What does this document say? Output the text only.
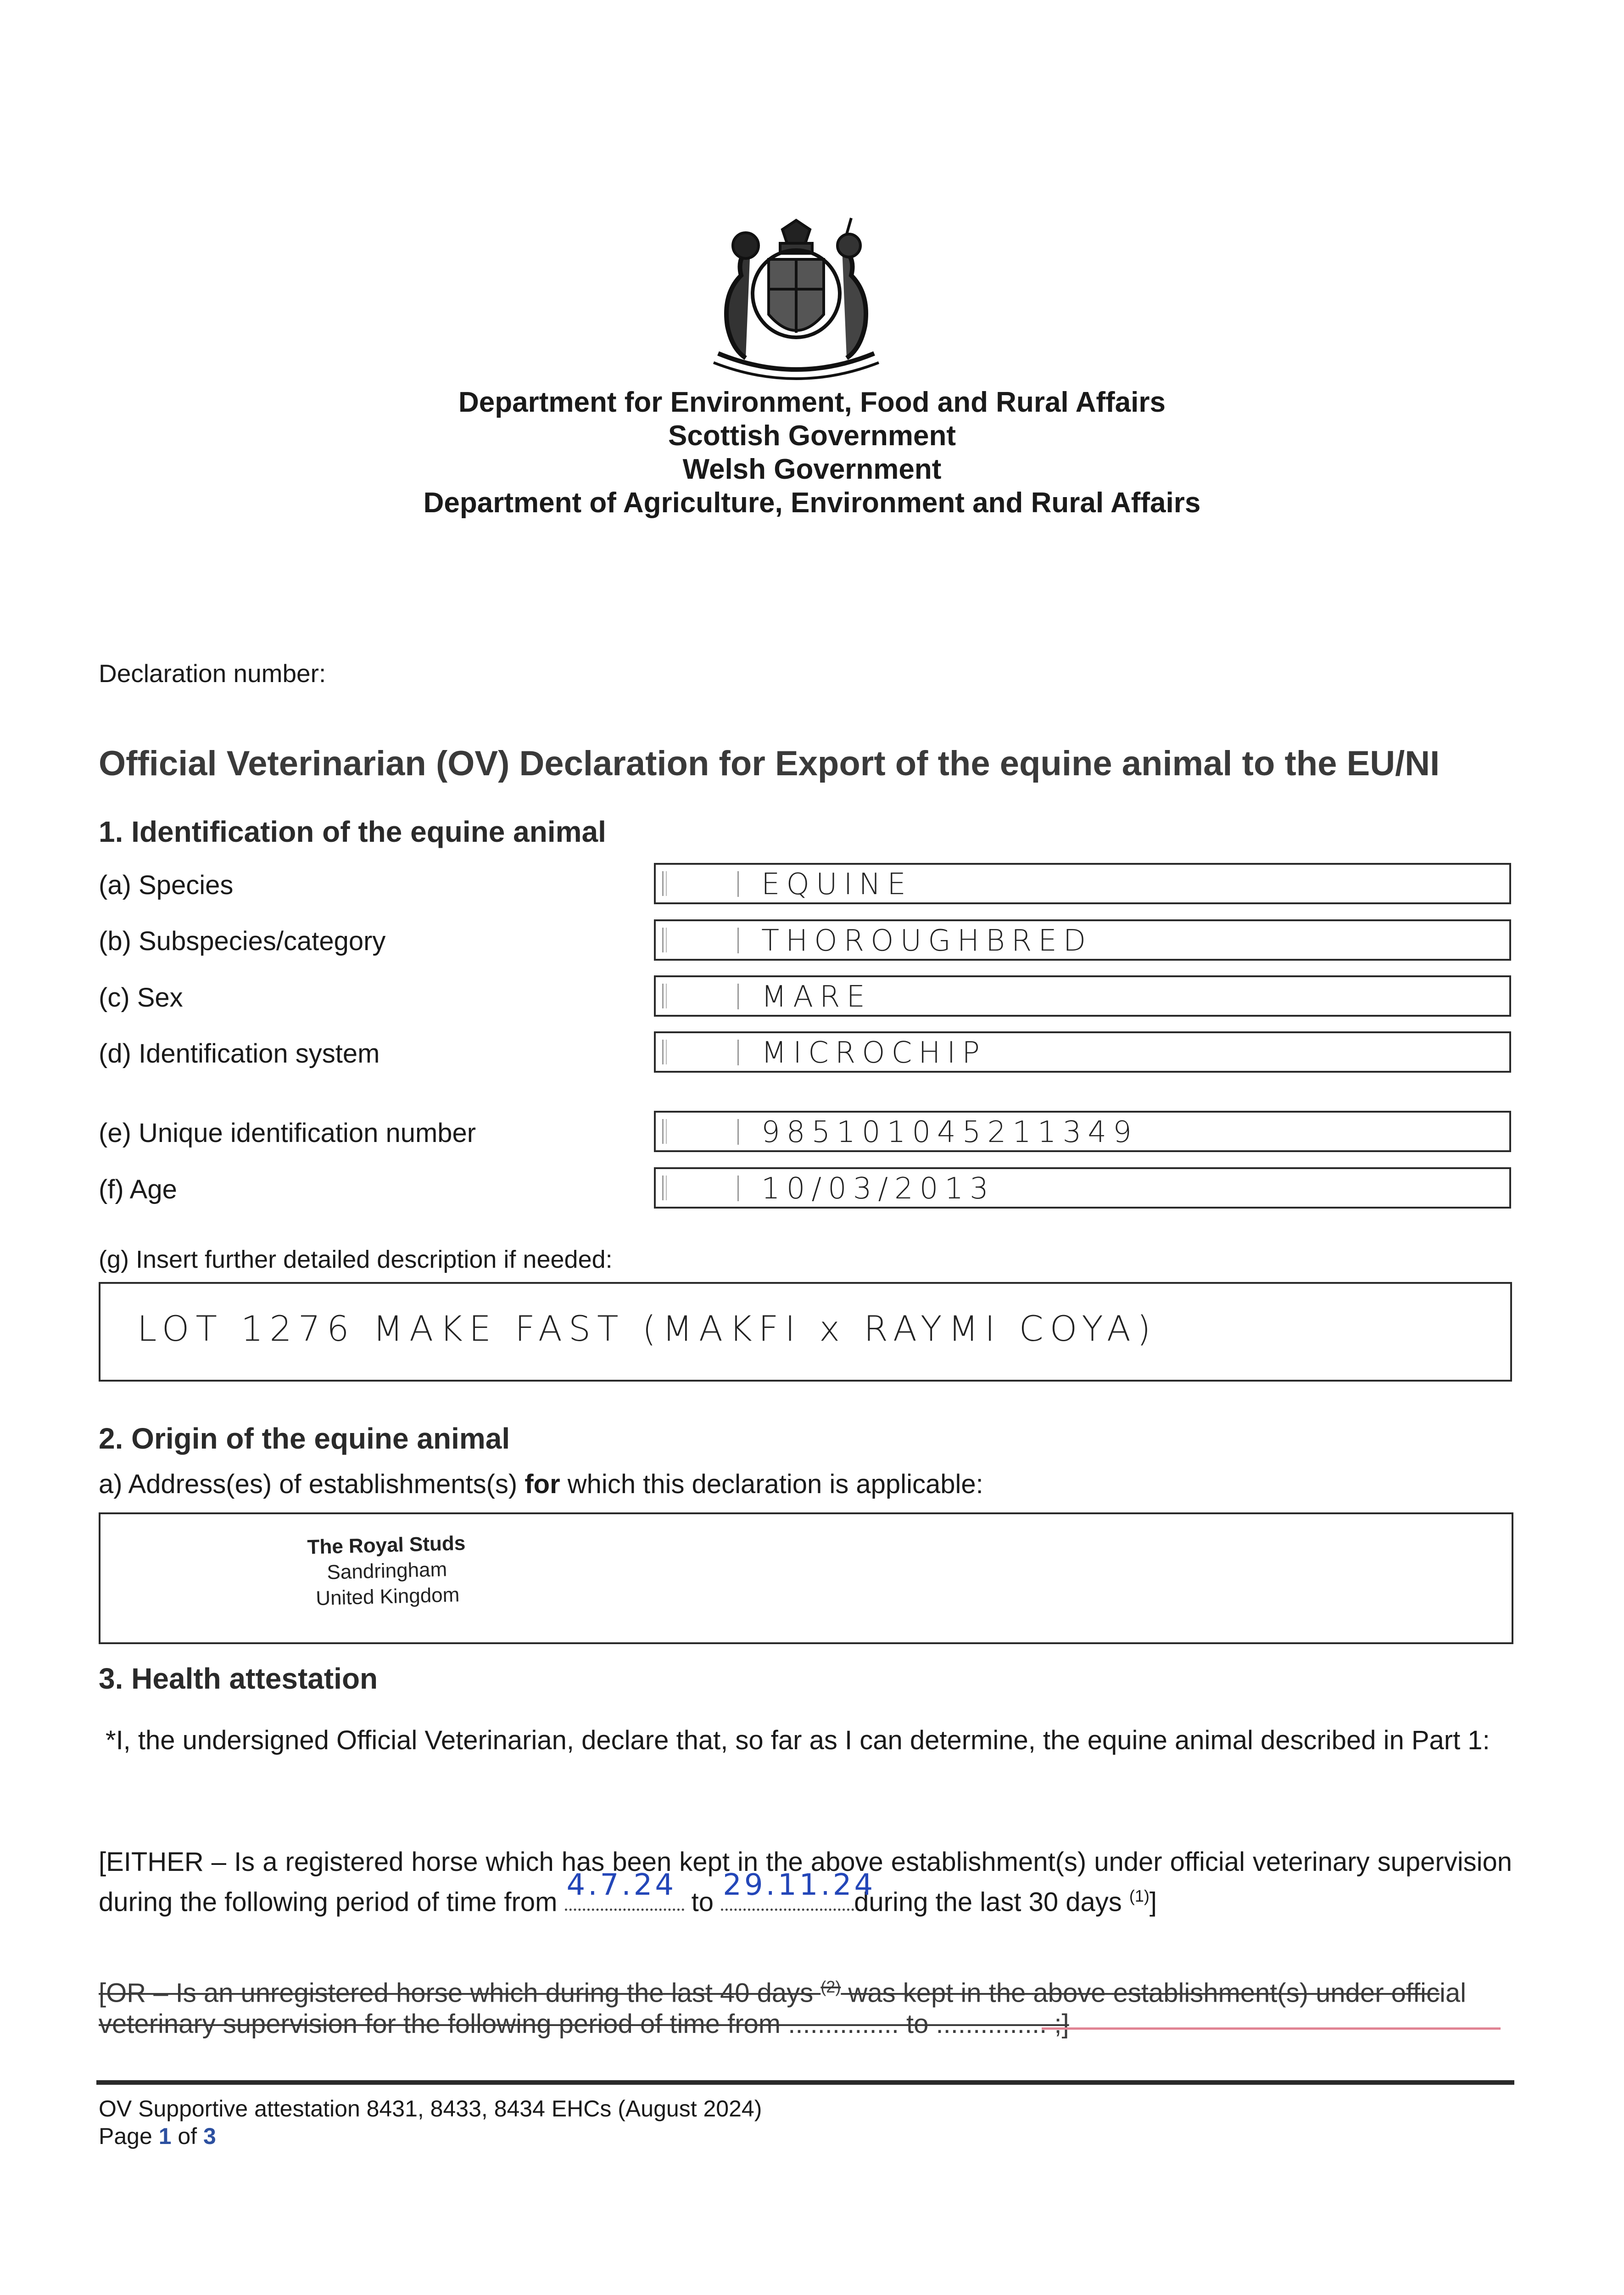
Department for Environment, Food and Rural Affairs
Scottish Government
Welsh Government
Department of Agriculture, Environment and Rural Affairs
Declaration number:
Official Veterinarian (OV) Declaration for Export of the equine animal to the EU/NI
1. Identification of the equine animal
(a) Species	EQUINE
(b) Subspecies/category	THOROUGHBRED
(c) Sex	MARE
(d) Identification system	MICROCHIP
(e) Unique identification number	985101045211349
(f) Age	10/03/2013
(g) Insert further detailed description if needed:
LOT 1276 MAKE FAST (MAKFI x RAYMI COYA)
2. Origin of the equine animal
a) Address(es) of establishments(s) for which this declaration is applicable:
The Royal Studs
Sandringham
United Kingdom
3. Health attestation
*I, the undersigned Official Veterinarian, declare that, so far as I can determine, the equine animal described in Part 1:
[EITHER – Is a registered horse which has been kept in the above establishment(s) under official veterinary supervision during the following period of time from 4.7.24 to 29.11.24
during the last 30 days $^{(1)}$]
[OR – Is an unregistered horse which during the last 40 days $^{(2)}$ was kept in the above establishment(s) under official
veterinary supervision for the following period of time from ............... to ............... ;]
OV Supportive attestation 8431, 8433, 8434 EHCs (August 2024)
Page 1 of 3
